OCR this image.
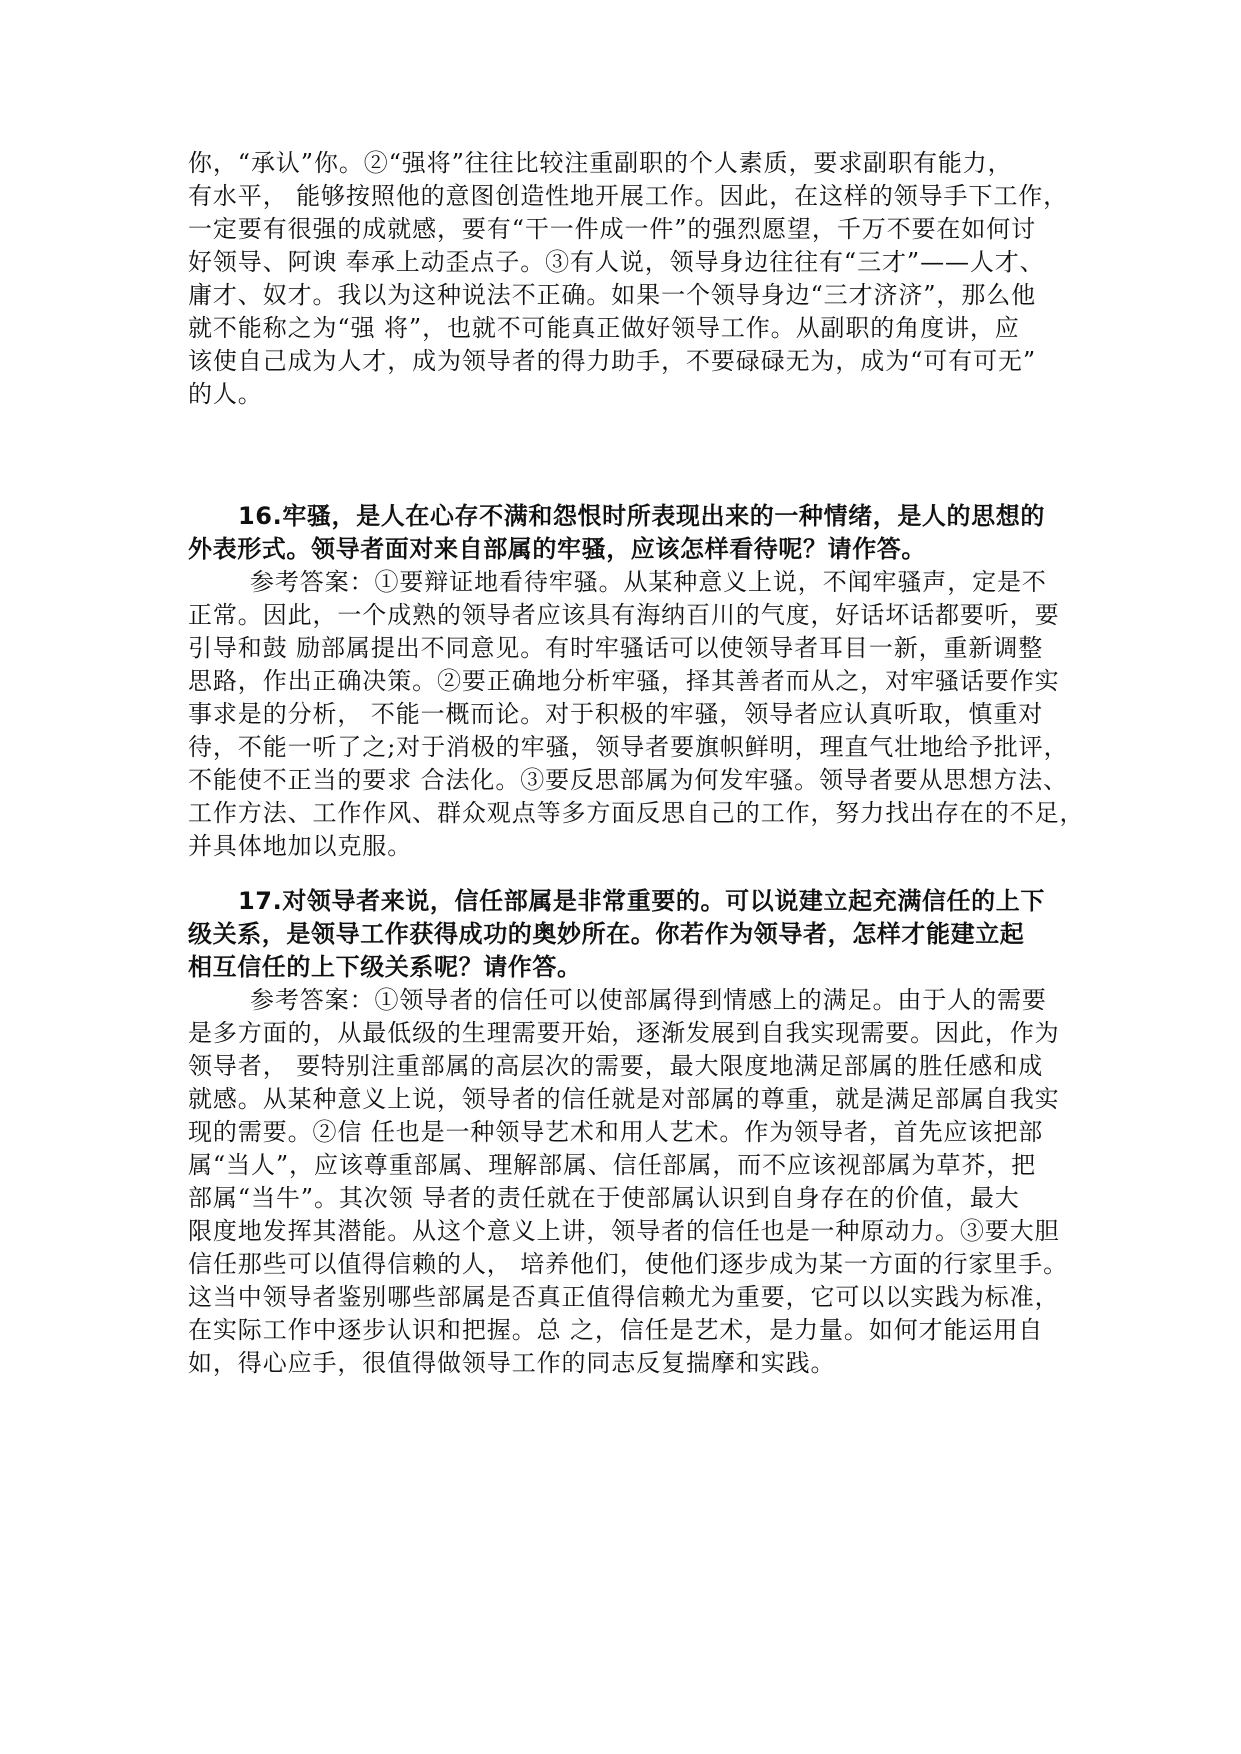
你，“承认”你。②“强将”往往比较注重副职的个人素质，要求副职有能力，
有水平， 能够按照他的意图创造性地开展工作。因此，在这样的领导手下工作，
一定要有很强的成就感，要有“干一件成一件”的强烈愿望，千万不要在如何讨
好领导、阿谀 奉承上动歪点子。③有人说，领导身边往往有“三才”——人才、
庸才、奴才。我以为这种说法不正确。如果一个领导身边“三才济济”，那么他
就不能称之为“强 将”，也就不可能真正做好领导工作。从副职的角度讲，应
该使自己成为人才，成为领导者的得力助手，不要碌碌无为，成为“可有可无”
的人。
16.牢骚，是人在心存不满和怨恨时所表现出来的一种情绪，是人的思想的
外表形式。领导者面对来自部属的牢骚，应该怎样看待呢？请作答。
参考答案：①要辩证地看待牢骚。从某种意义上说，不闻牢骚声，定是不
正常。因此，一个成熟的领导者应该具有海纳百川的气度，好话坏话都要听，要
引导和鼓 励部属提出不同意见。有时牢骚话可以使领导者耳目一新，重新调整
思路，作出正确决策。②要正确地分析牢骚，择其善者而从之，对牢骚话要作实
事求是的分析， 不能一概而论。对于积极的牢骚，领导者应认真听取，慎重对
待，不能一听了之;对于消极的牢骚，领导者要旗帜鲜明，理直气壮地给予批评，
不能使不正当的要求 合法化。③要反思部属为何发牢骚。领导者要从思想方法、
工作方法、工作作风、群众观点等多方面反思自己的工作，努力找出存在的不足，
并具体地加以克服。
17.对领导者来说，信任部属是非常重要的。可以说建立起充满信任的上下
级关系，是领导工作获得成功的奥妙所在。你若作为领导者，怎样才能建立起
相互信任的上下级关系呢？请作答。
参考答案：①领导者的信任可以使部属得到情感上的满足。由于人的需要
是多方面的，从最低级的生理需要开始，逐渐发展到自我实现需要。因此，作为
领导者， 要特别注重部属的高层次的需要，最大限度地满足部属的胜任感和成
就感。从某种意义上说，领导者的信任就是对部属的尊重，就是满足部属自我实
现的需要。②信 任也是一种领导艺术和用人艺术。作为领导者，首先应该把部
属“当人”，应该尊重部属、理解部属、信任部属，而不应该视部属为草芥，把
部属“当牛”。其次领 导者的责任就在于使部属认识到自身存在的价值，最大
限度地发挥其潜能。从这个意义上讲，领导者的信任也是一种原动力。③要大胆
信任那些可以值得信赖的人， 培养他们，使他们逐步成为某一方面的行家里手。
这当中领导者鉴别哪些部属是否真正值得信赖尤为重要，它可以以实践为标准，
在实际工作中逐步认识和把握。总 之，信任是艺术，是力量。如何才能运用自
如，得心应手，很值得做领导工作的同志反复揣摩和实践。
